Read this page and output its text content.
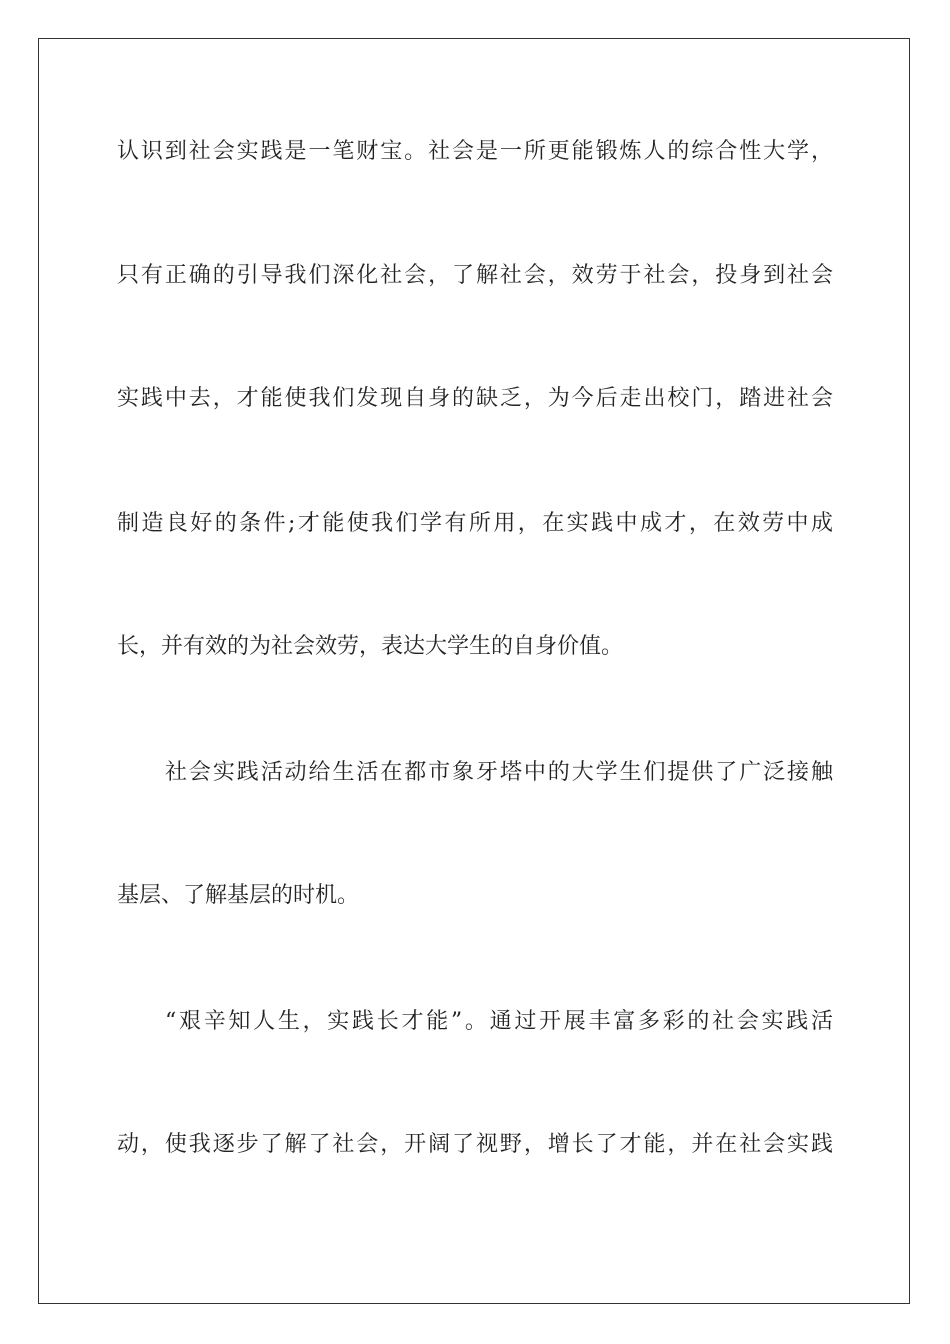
认识到社会实践是一笔财宝。社会是一所更能锻炼人的综合性大学，
只有正确的引导我们深化社会，了解社会，效劳于社会，投身到社会
实践中去，才能使我们发现自身的缺乏，为今后走出校门，踏进社会
制造良好的条件;才能使我们学有所用，在实践中成才，在效劳中成
长，并有效的为社会效劳，表达大学生的自身价值。
社会实践活动给生活在都市象牙塔中的大学生们提供了广泛接触
基层、了解基层的时机。
“艰辛知人生，实践长才能”。通过开展丰富多彩的社会实践活
动，使我逐步了解了社会，开阔了视野，增长了才能，并在社会实践
